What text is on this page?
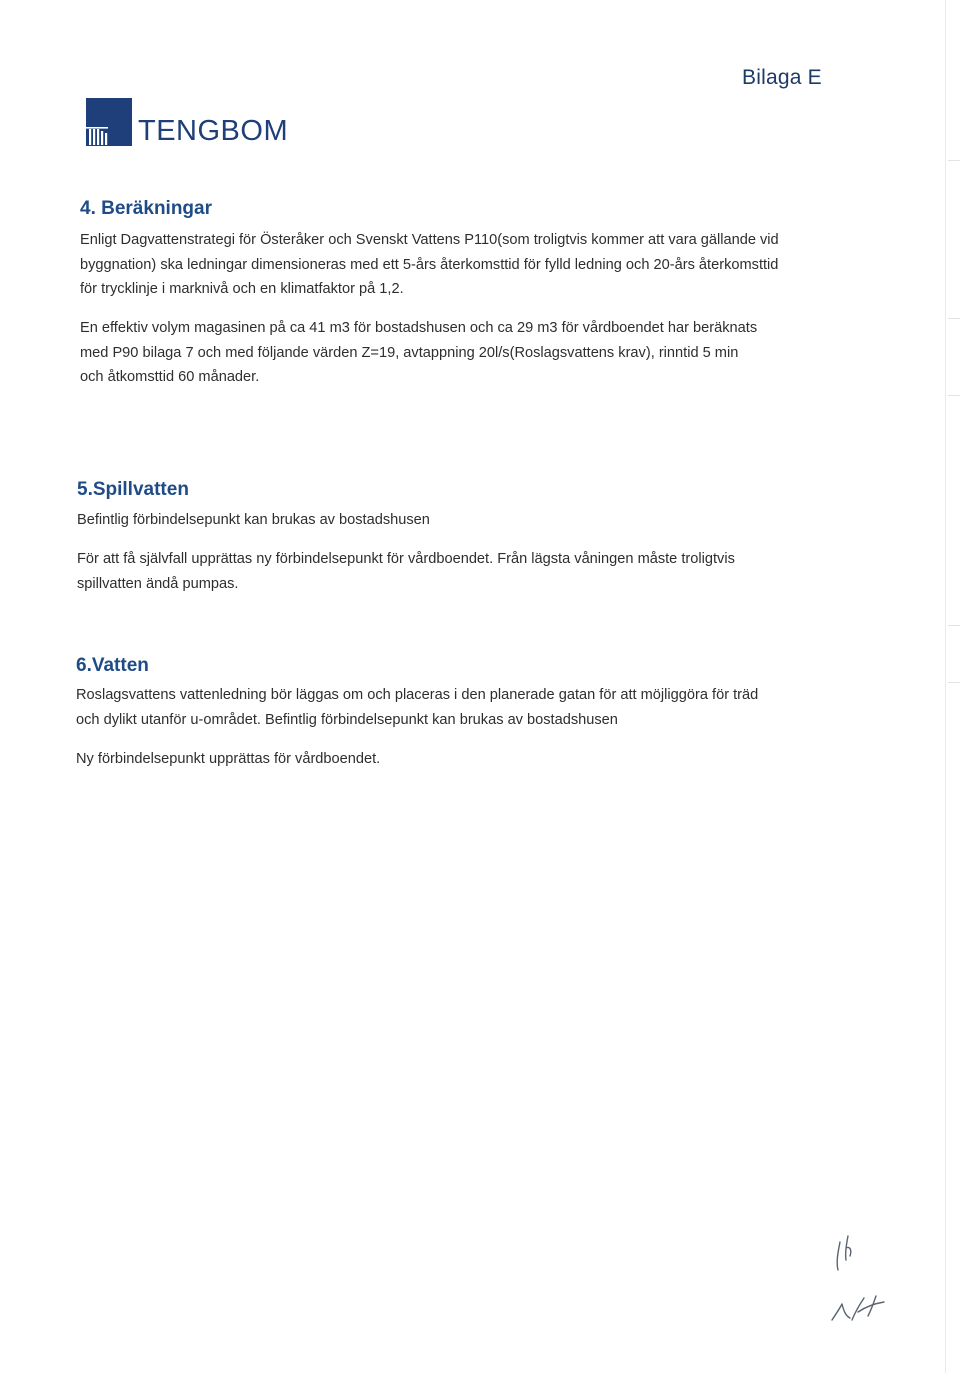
Bilaga E
TENGBOM
4. Beräkningar

Enligt Dagvattenstrategi för Österåker och Svenskt Vattens P110(som troligtvis kommer att vara gällande vid byggnation) ska ledningar dimensioneras med ett 5-års återkomsttid för fylld ledning och 20-års återkomsttid för trycklinje i marknivå och en klimatfaktor på 1,2.

En effektiv volym magasinen på ca 41 m3 för bostadshusen och ca 29 m3 för vårdboendet har beräknats med P90 bilaga 7 och med följande värden Z=19, avtappning 20l/s(Roslagsvattens krav), rinntid 5 min och åtkomsttid 60 månader.

5.Spillvatten

Befintlig förbindelsepunkt kan brukas av bostadshusen

För att få självfall upprättas ny förbindelsepunkt för vårdboendet. Från lägsta våningen måste troligtvis spillvatten ändå pumpas.

6.Vatten

Roslagsvattens vattenledning bör läggas om och placeras i den planerade gatan för att möjliggöra för träd och dylikt utanför u-området. Befintlig förbindelsepunkt kan brukas av bostadshusen

Ny förbindelsepunkt upprättas för vårdboendet.
